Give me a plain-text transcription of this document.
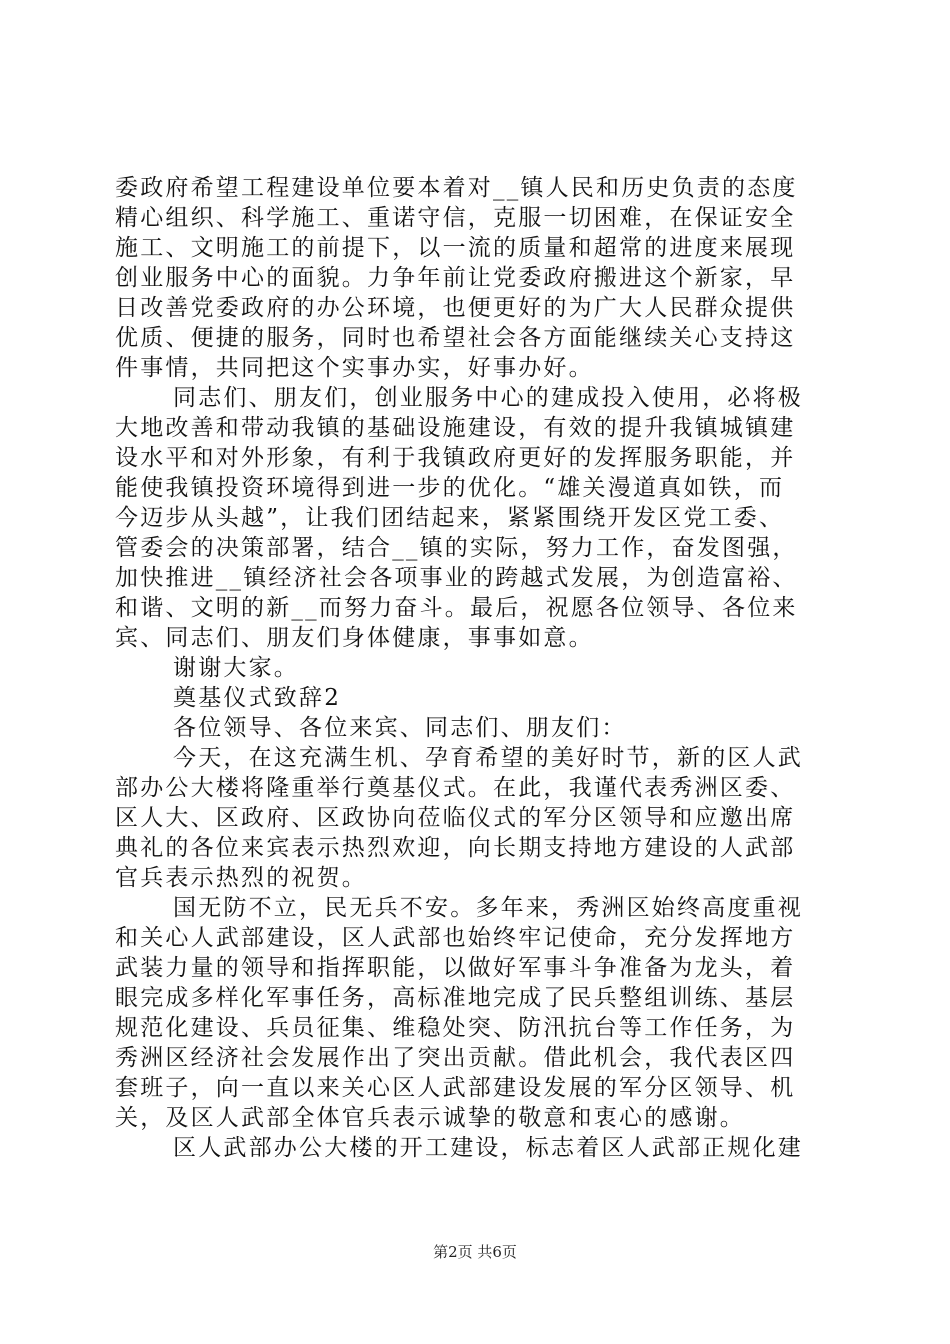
委政府希望工程建设单位要本着对__镇人民和历史负责的态度
精心组织、科学施工、重诺守信，克服一切困难，在保证安全
施工、文明施工的前提下，以一流的质量和超常的进度来展现
创业服务中心的面貌。力争年前让党委政府搬进这个新家，早
日改善党委政府的办公环境，也便更好的为广大人民群众提供
优质、便捷的服务，同时也希望社会各方面能继续关心支持这
件事情，共同把这个实事办实，好事办好。
同志们、朋友们，创业服务中心的建成投入使用，必将极
大地改善和带动我镇的基础设施建设，有效的提升我镇城镇建
设水平和对外形象，有利于我镇政府更好的发挥服务职能，并
能使我镇投资环境得到进一步的优化。“雄关漫道真如铁，而
今迈步从头越”，让我们团结起来，紧紧围绕开发区党工委、
管委会的决策部署，结合__镇的实际，努力工作，奋发图强，
加快推进__镇经济社会各项事业的跨越式发展，为创造富裕、
和谐、文明的新__而努力奋斗。最后，祝愿各位领导、各位来
宾、同志们、朋友们身体健康，事事如意。
谢谢大家。
奠基仪式致辞2
各位领导、各位来宾、同志们、朋友们：
今天，在这充满生机、孕育希望的美好时节，新的区人武
部办公大楼将隆重举行奠基仪式。在此，我谨代表秀洲区委、
区人大、区政府、区政协向莅临仪式的军分区领导和应邀出席
典礼的各位来宾表示热烈欢迎，向长期支持地方建设的人武部
官兵表示热烈的祝贺。
国无防不立，民无兵不安。多年来，秀洲区始终高度重视
和关心人武部建设，区人武部也始终牢记使命，充分发挥地方
武装力量的领导和指挥职能，以做好军事斗争准备为龙头，着
眼完成多样化军事任务，高标准地完成了民兵整组训练、基层
规范化建设、兵员征集、维稳处突、防汛抗台等工作任务，为
秀洲区经济社会发展作出了突出贡献。借此机会，我代表区四
套班子，向一直以来关心区人武部建设发展的军分区领导、机
关，及区人武部全体官兵表示诚挚的敬意和衷心的感谢。
区人武部办公大楼的开工建设，标志着区人武部正规化建
第2页 共6页
